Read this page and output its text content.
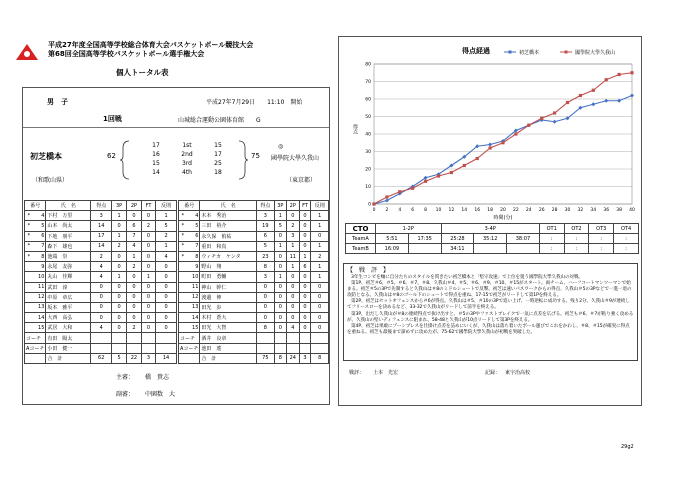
平成27年度全国高等学校総合体育大会バスケットボール競技大会
第68回全国高等学校バスケットボール選手権大会
個人トータル表
男　子	平成27年7月29日　　11:10　開始
1回戦	山城総合運動公園体育館　　G
初芝橋本
（和歌山県）
62
17	1st	15
16	2nd	17
15	3rd	25
14	4th	18
75
◎
國學院大學久我山
（東京都）
番号		氏　名	得点	3P	2P	FT	反則
*	4	下村　万里	3	1	0	0	1
*	5	山本　尚太	14	0	6	2	5
*	6	下地　朋平	17	1	7	0	2
*	7	森下　雄也	14	2	4	0	1
*	8	池端　崇	2	0	1	0	4
	9	永尾　友弥	4	0	2	0	0
	10	丸山　佳輝	4	1	0	1	0
	11	武田　淳	0	0	0	0	0
	12	中原　章広	0	0	0	0	0
	13	坂本　雅平	0	0	0	0	0
	14	大西　高弘	0	0	0	0	0
	15	武居　大和	4	0	2	0	0
コーチ		有田　陽太					
Aコーチ		小田　健一					
		合　計	62	5	22	3	14
番号		氏　名	得点	3P	2P	FT	反則
*	4	木本　秀治	3	1	0	0	1
*	5	三田　裕介	19	5	2	0	1
*	6	永久保　侑祐	6	0	3	0	0
*	7	重田　和真	5	1	1	0	1
*	8	ウィチカ　ケンタ	23	0	11	1	2
	9	野山　翔	8	0	1	6	1
	10	町田　勇輔	3	1	0	0	1
	11	神山　幹仁	0	0	0	0	0
	12	渡邊　伸	0	0	0	0	0
	13	田光　歩	0	0	0	0	0
	14	木村　蒼大	0	0	0	0	0
	15	田光　大智	8	0	4	0	0
コーチ		酒井　良章					
Aコーチ		池田　遙					
		合　計	75	8	24	3	8
主審： 橋　貴志
副審： 中園数　大
得点経過	初芝橋本	國學院大學久我山
0
10
20
30
40
50
60
70
80
0 2 4 6 8 10 12 14 16 18 20 22 24 26 28 30 32 34 36 38 40
時間(分)
得点
CTO	1-2P		3-4P			OT1	OT2	OT3	OT4
TeamA	5:51	17:35	25:28	35:12	38:07	:	:	:	:
TeamB	16:09		34:11			:	:	:	:
【　戦　評　】

3年生コンビを軸に自分たちのスタイルを貫きたい初芝橋本と「堅守攻速」で上位を狙う國學院大學久我山の対戦。

第1P、初芝＃6、＃5、＃6、＃7、＃8、久我山＃4、＃5、＃6、＃9、＃10、＃15がスタート。両チーム、ハーフコートマンツーマンで始まる。初芝＃5の3Pで先制すると久我山は＃8のミドルシュートで反撃。初芝は速いパスワークからの得点、久我山＃5の3Pなどで一進一退の攻防となる。久我山は＃8のゴール下のシュートで得点を重ね、17-15で初芝がリードして第1Pを終える。

第2P、初芝はセットオフェンスから＃6が得点。久我山は＃5、＃10の3Pで追い上げ、一時逆転に成功する。残り2分、久我山＃9が連続してフリースローを決めるなど、33-32で久我山がリードして前半を終える。

第3P、出だし久我山が＃8の連続得点で抜け出すと、＃5の3Pやファストブレイクで一気に点差を広げる。初芝も＃6、＃7が粘り強く攻めるが、久我山の堅いディフェンスに阻まれ、58-48と久我山が10点リードして第3Pを終える。

第4P、初芝は果敢にゾーンプレスを仕掛け点差を詰めにいくが、久我山は落ち着いたボール運びでこれをかわし、＃8、＃15が確実に得点を重ねる。初芝も最後まで諦めずに攻めたが、75-62で國學院大學久我山が初戦を突破した。

戦評： 土本　光宏	記録： 東宇治高校
29g2
